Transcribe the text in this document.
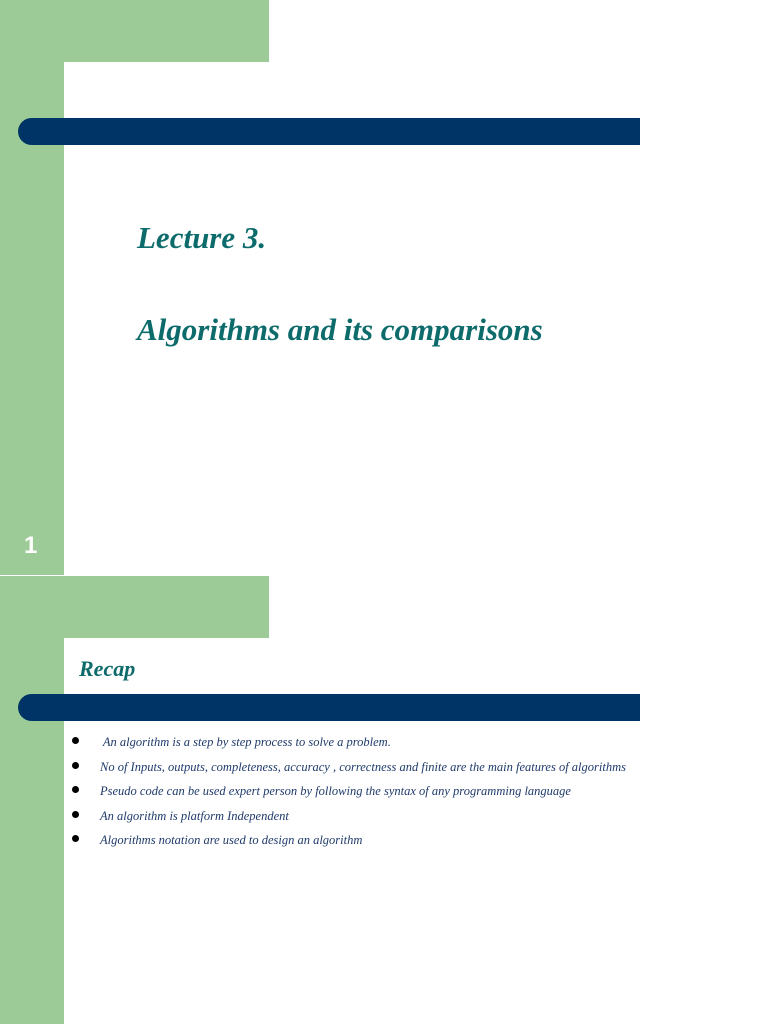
Lecture 3.
Algorithms and its comparisons
1
Recap
An algorithm is a step by step process to solve a problem.
No of Inputs, outputs, completeness, accuracy , correctness and finite are the main features of algorithms
Pseudo code can be used expert person by following the syntax of any programming language
An algorithm is platform Independent
Algorithms notation are used to design an algorithm
